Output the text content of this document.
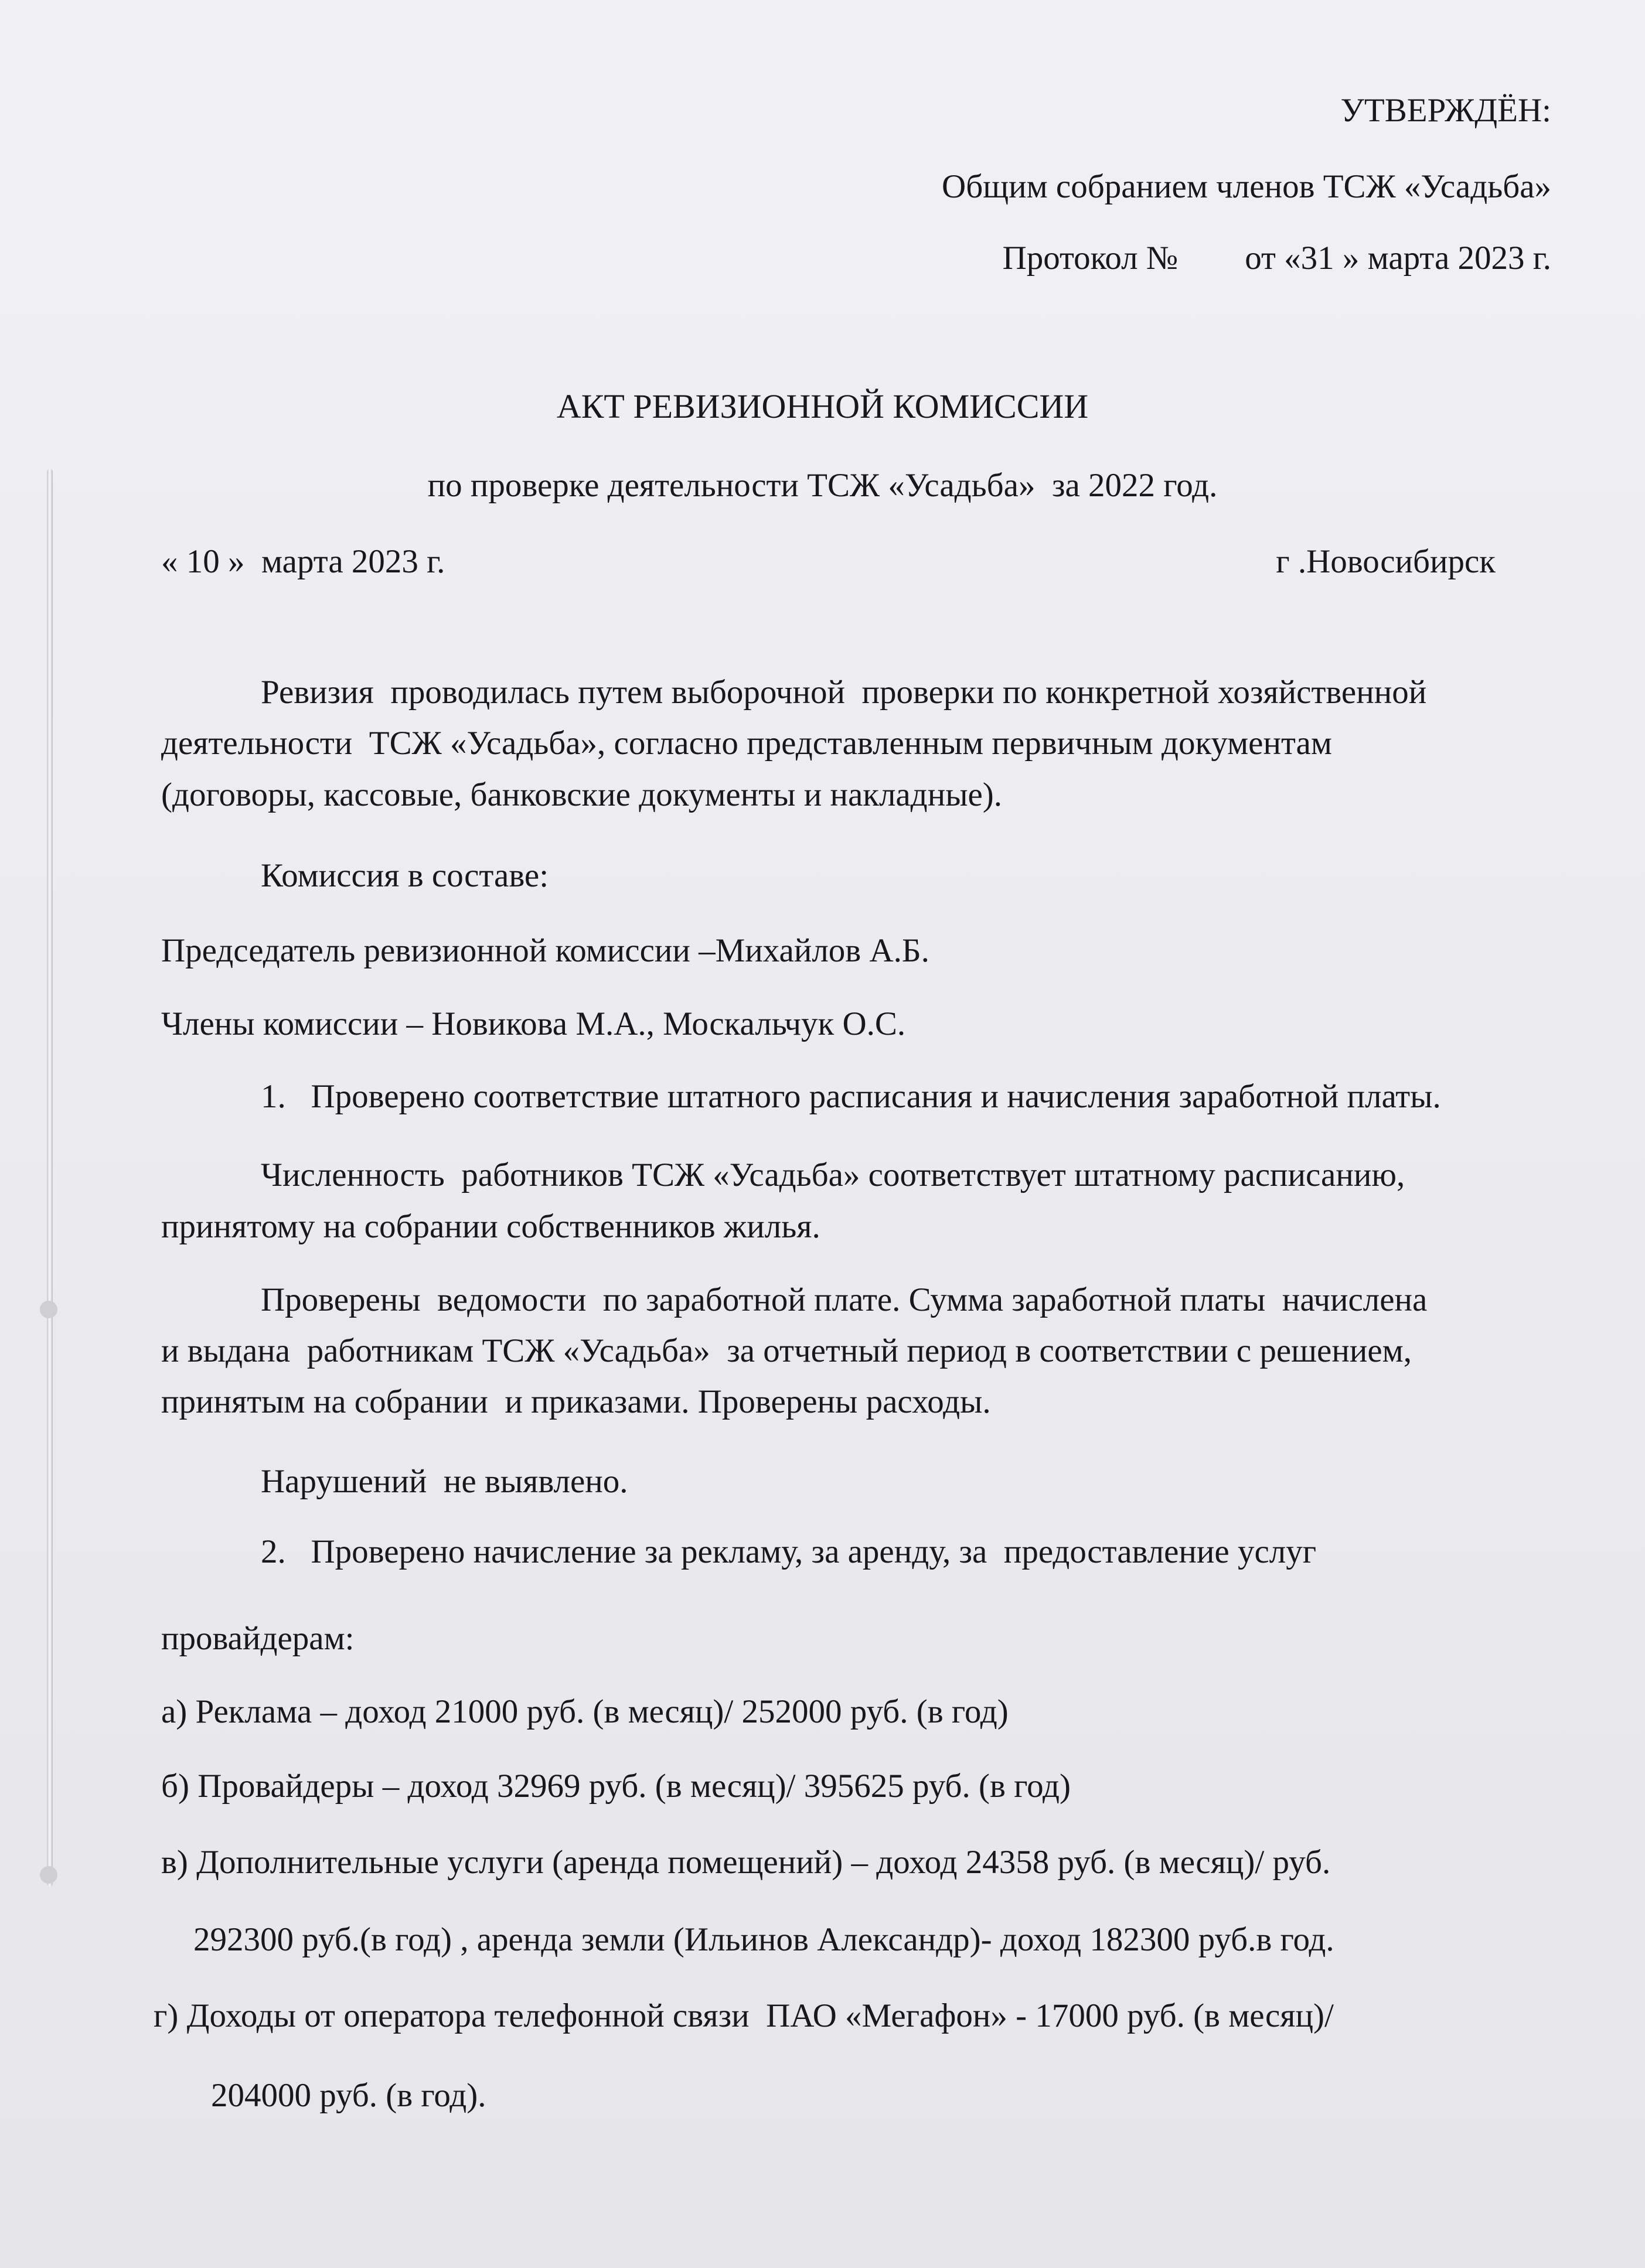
УТВЕРЖДЁН:
Общим собранием членов ТСЖ «Усадьба»
Протокол №        от «31 » марта 2023 г.
АКТ РЕВИЗИОННОЙ КОМИССИИ
по проверке деятельности ТСЖ «Усадьба»  за 2022 год.
« 10 »  марта 2023 г.	г .Новосибирск
Ревизия  проводилась путем выборочной  проверки по конкретной хозяйственной
деятельности  ТСЖ «Усадьба», согласно представленным первичным документам
(договоры, кассовые, банковские документы и накладные).
Комиссия в составе:
Председатель ревизионной комиссии –Михайлов А.Б.
Члены комиссии – Новикова М.А., Москальчук О.С.
1.   Проверено соответствие штатного расписания и начисления заработной платы.
Численность  работников ТСЖ «Усадьба» соответствует штатному расписанию,
принятому на собрании собственников жилья.
Проверены  ведомости  по заработной плате. Сумма заработной платы  начислена
и выдана  работникам ТСЖ «Усадьба»  за отчетный период в соответствии с решением,
принятым на собрании  и приказами. Проверены расходы.
Нарушений  не выявлено.
2.   Проверено начисление за рекламу, за аренду, за  предоставление услуг
провайдерам:
а) Реклама – доход 21000 руб. (в месяц)/ 252000 руб. (в год)
б) Провайдеры – доход 32969 руб. (в месяц)/ 395625 руб. (в год)
в) Дополнительные услуги (аренда помещений) – доход 24358 руб. (в месяц)/ руб.
292300 руб.(в год) , аренда земли (Ильинов Александр)- доход 182300 руб.в год.
г) Доходы от оператора телефонной связи  ПАО «Мегафон» - 17000 руб. (в месяц)/
204000 руб. (в год).
